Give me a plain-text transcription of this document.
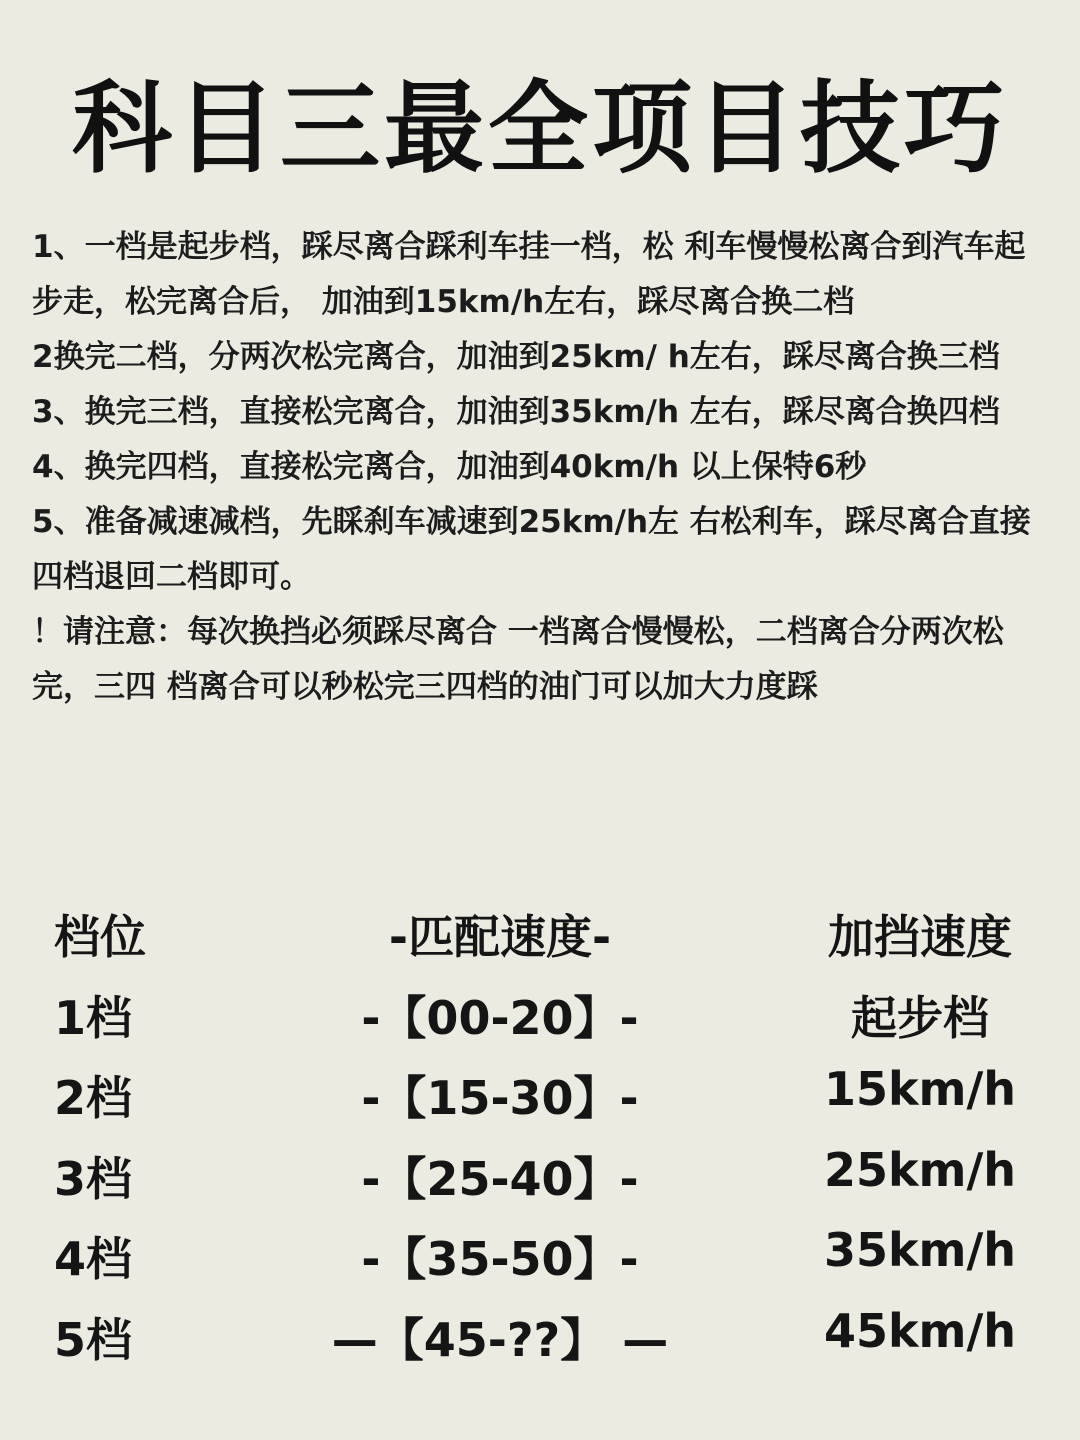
科目三最全项目技巧

1、一档是起步档，踩尽离合踩利车挂一档，松 利车慢慢松离合到汽车起步走，松完离合后， 加油到15km/h左右，踩尽离合换二档

2换完二档，分两次松完离合，加油到25km/ h左右，踩尽离合换三档

3、换完三档，直接松完离合，加油到35km/h 左右，踩尽离合换四档

4、换完四档，直接松完离合，加油到40km/h 以上保特6秒

5、准备减速减档，先睬刹车减速到25km/h左 右松利车，踩尽离合直接四档退回二档即可。

！请注意：每次换挡必须踩尽离合 一档离合慢慢松，二档离合分两次松完，三四 档离合可以秒松完三四档的油门可以加大力度踩

档位	-匹配速度-	加挡速度
1档	-【00-20】-	起步档
2档	-【15-30】-	15km/h
3档	-【25-40】-	25km/h
4档	-【35-50】-	35km/h
5档	—【45-??】 —	45km/h
